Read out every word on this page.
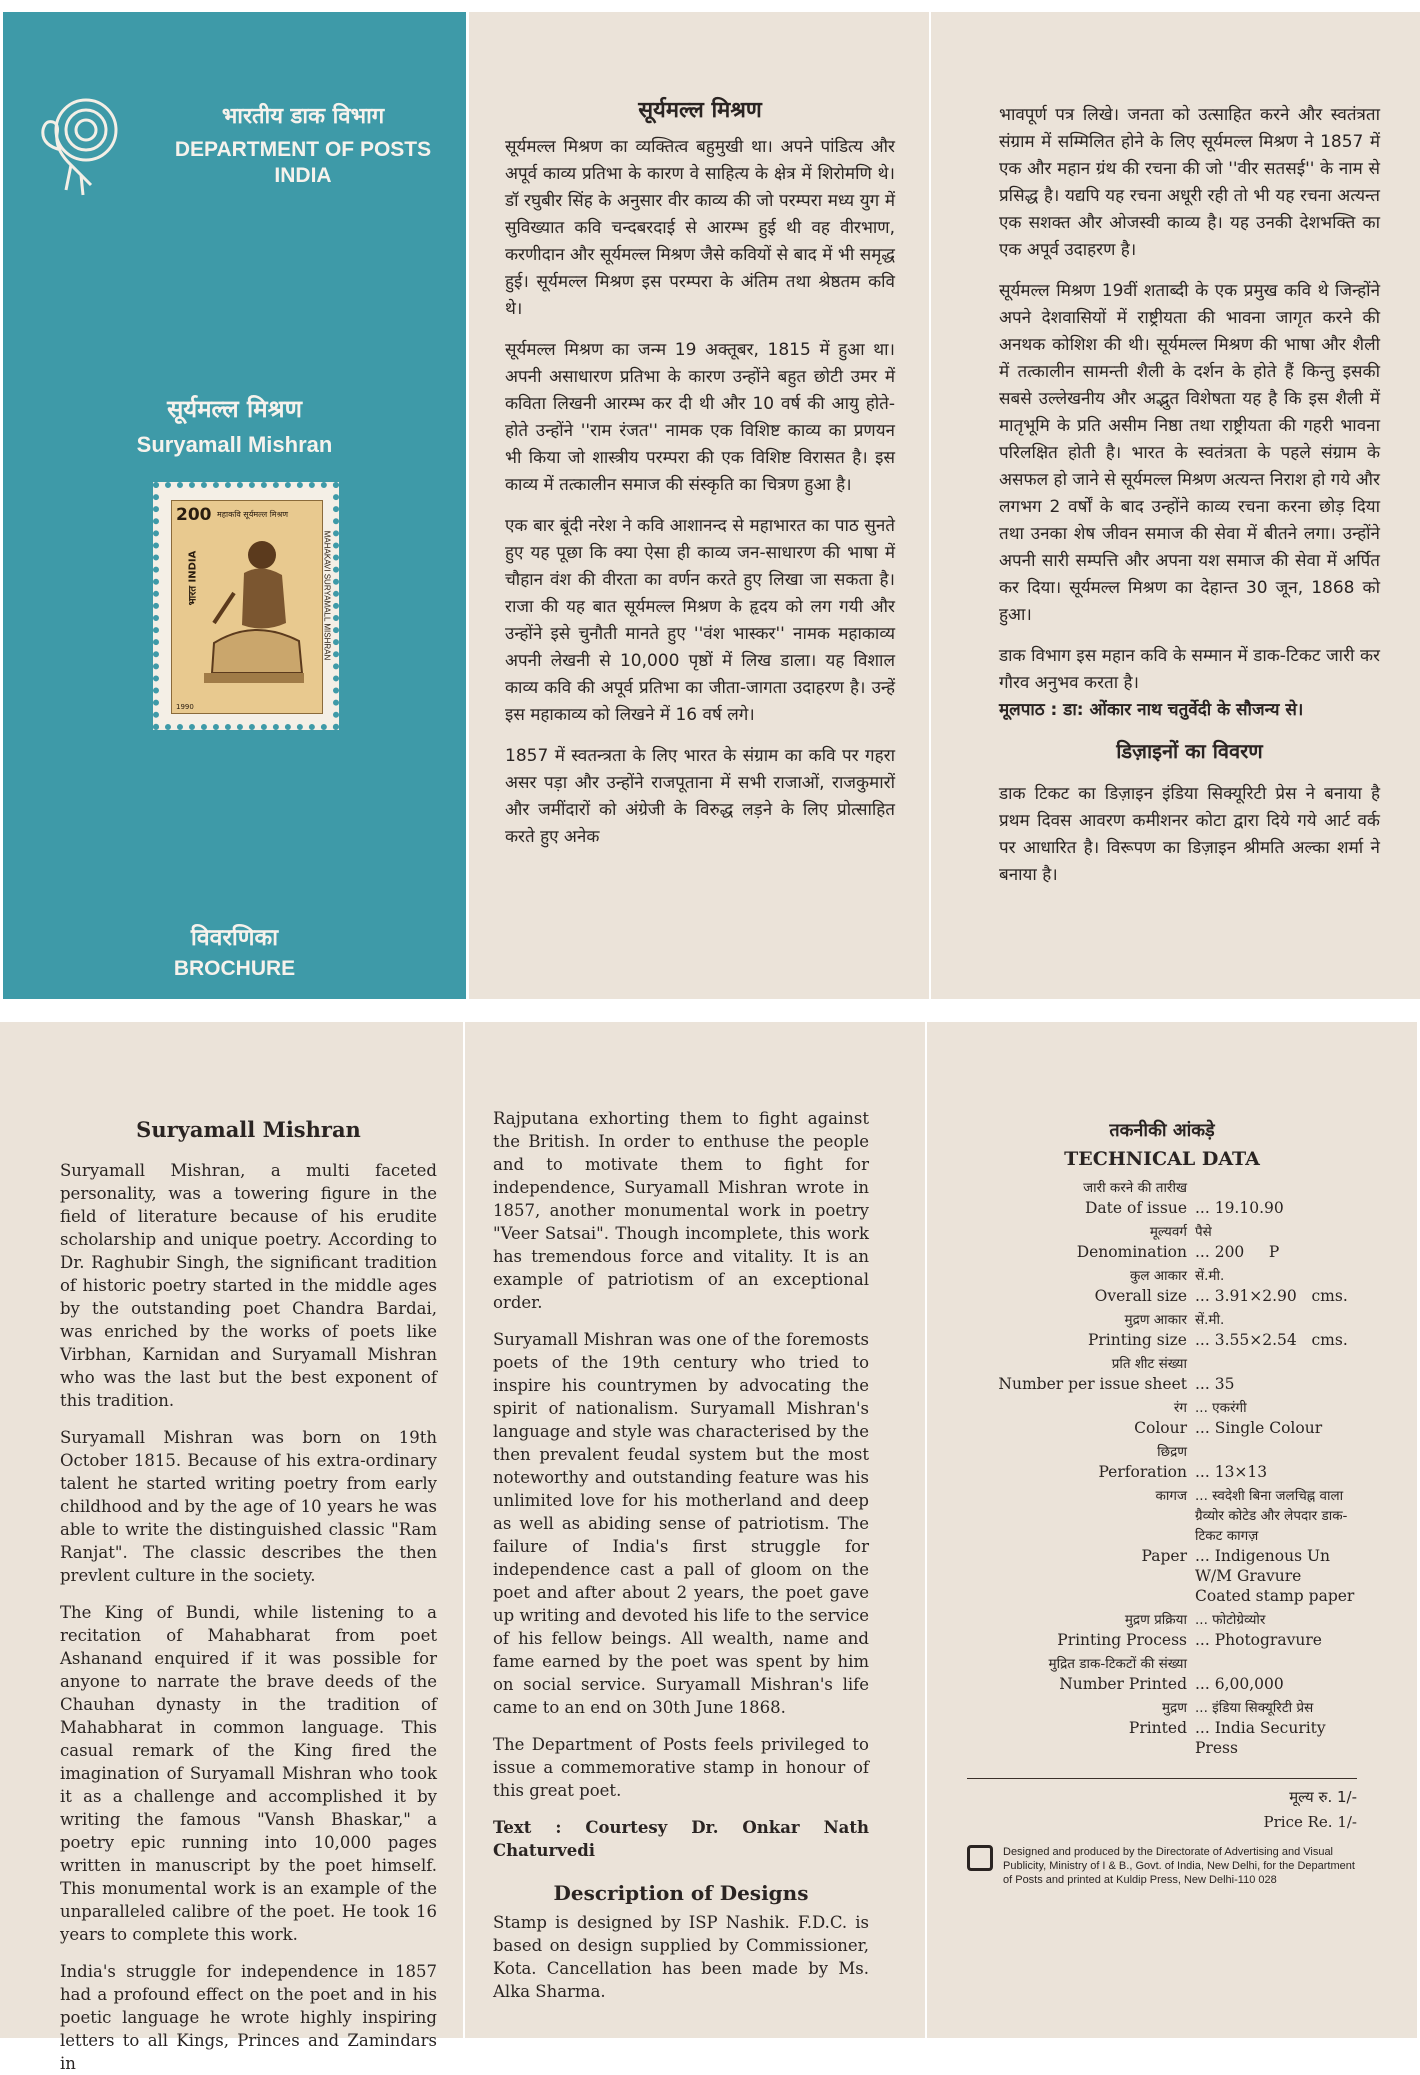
भारतीय डाक विभाग
DEPARTMENT OF POSTS
INDIA
सूर्यमल्ल मिश्रण
Suryamall Mishran
200 महाकवि सूर्यमल्ल मिश्रण
भारत INDIA	MAHAKAVI SURYAMALL MISHRAN
1990
विवरणिका
BROCHURE
सूर्यमल्ल मिश्रण

सूर्यमल्ल मिश्रण का व्यक्तित्व बहुमुखी था। अपने पांडित्य और अपूर्व काव्य प्रतिभा के कारण वे साहित्य के क्षेत्र में शिरोमणि थे। डॉ रघुबीर सिंह के अनुसार वीर काव्य की जो परम्परा मध्य युग में सुविख्यात कवि चन्दबरदाई से आरम्भ हुई थी वह वीरभाण, करणीदान और सूर्यमल्ल मिश्रण जैसे कवियों से बाद में भी समृद्ध हुई। सूर्यमल्ल मिश्रण इस परम्परा के अंतिम तथा श्रेष्ठतम कवि थे।

सूर्यमल्ल मिश्रण का जन्म 19 अक्तूबर, 1815 में हुआ था। अपनी असाधारण प्रतिभा के कारण उन्होंने बहुत छोटी उमर में कविता लिखनी आरम्भ कर दी थी और 10 वर्ष की आयु होते-होते उन्होंने ''राम रंजत'' नामक एक विशिष्ट काव्य का प्रणयन भी किया जो शास्त्रीय परम्परा की एक विशिष्ट विरासत है। इस काव्य में तत्कालीन समाज की संस्कृति का चित्रण हुआ है।

एक बार बूंदी नरेश ने कवि आशानन्द से महाभारत का पाठ सुनते हुए यह पूछा कि क्या ऐसा ही काव्य जन-साधारण की भाषा में चौहान वंश की वीरता का वर्णन करते हुए लिखा जा सकता है। राजा की यह बात सूर्यमल्ल मिश्रण के हृदय को लग गयी और उन्होंने इसे चुनौती मानते हुए ''वंश भास्कर'' नामक महाकाव्य अपनी लेखनी से 10,000 पृष्ठों में लिख डाला। यह विशाल काव्य कवि की अपूर्व प्रतिभा का जीता-जागता उदाहरण है। उन्हें इस महाकाव्य को लिखने में 16 वर्ष लगे।

1857 में स्वतन्त्रता के लिए भारत के संग्राम का कवि पर गहरा असर पड़ा और उन्होंने राजपूताना में सभी राजाओं, राजकुमारों और जमींदारों को अंग्रेजी के विरुद्ध लड़ने के लिए प्रोत्साहित करते हुए अनेक

भावपूर्ण पत्र लिखे। जनता को उत्साहित करने और स्वतंत्रता संग्राम में सम्मिलित होने के लिए सूर्यमल्ल मिश्रण ने 1857 में एक और महान ग्रंथ की रचना की जो ''वीर सतसई'' के नाम से प्रसिद्ध है। यद्यपि यह रचना अधूरी रही तो भी यह रचना अत्यन्त एक सशक्त और ओजस्वी काव्य है। यह उनकी देशभक्ति का एक अपूर्व उदाहरण है।

सूर्यमल्ल मिश्रण 19वीं शताब्दी के एक प्रमुख कवि थे जिन्होंने अपने देशवासियों में राष्ट्रीयता की भावना जागृत करने की अनथक कोशिश की थी। सूर्यमल्ल मिश्रण की भाषा और शैली में तत्कालीन सामन्ती शैली के दर्शन के होते हैं किन्तु इसकी सबसे उल्लेखनीय और अद्भुत विशेषता यह है कि इस शैली में मातृभूमि के प्रति असीम निष्ठा तथा राष्ट्रीयता की गहरी भावना परिलक्षित होती है। भारत के स्वतंत्रता के पहले संग्राम के असफल हो जाने से सूर्यमल्ल मिश्रण अत्यन्त निराश हो गये और लगभग 2 वर्षों के बाद उन्होंने काव्य रचना करना छोड़ दिया तथा उनका शेष जीवन समाज की सेवा में बीतने लगा। उन्होंने अपनी सारी सम्पत्ति और अपना यश समाज की सेवा में अर्पित कर दिया। सूर्यमल्ल मिश्रण का देहान्त 30 जून, 1868 को हुआ।

डाक विभाग इस महान कवि के सम्मान में डाक-टिकट जारी कर गौरव अनुभव करता है।

मूलपाठ : डा: ओंकार नाथ चतुर्वेदी के सौजन्य से।

डिज़ाइनों का विवरण

डाक टिकट का डिज़ाइन इंडिया सिक्यूरिटी प्रेस ने बनाया है प्रथम दिवस आवरण कमीशनर कोटा द्वारा दिये गये आर्ट वर्क पर आधारित है। विरूपण का डिज़ाइन श्रीमति अल्का शर्मा ने बनाया है।

Suryamall Mishran

Suryamall Mishran, a multi faceted personality, was a towering figure in the field of literature because of his erudite scholarship and unique poetry. According to Dr. Raghubir Singh, the significant tradition of historic poetry started in the middle ages by the outstanding poet Chandra Bardai, was enriched by the works of poets like Virbhan, Karnidan and Suryamall Mishran who was the last but the best exponent of this tradition.

Suryamall Mishran was born on 19th October 1815. Because of his extra-ordinary talent he started writing poetry from early childhood and by the age of 10 years he was able to write the distinguished classic "Ram Ranjat". The classic describes the then prevlent culture in the society.

The King of Bundi, while listening to a recitation of Mahabharat from poet Ashanand enquired if it was possible for anyone to narrate the brave deeds of the Chauhan dynasty in the tradition of Mahabharat in common language. This casual remark of the King fired the imagination of Suryamall Mishran who took it as a challenge and accomplished it by writing the famous "Vansh Bhaskar," a poetry epic running into 10,000 pages written in manuscript by the poet himself. This monumental work is an example of the unparalleled calibre of the poet. He took 16 years to complete this work.

India's struggle for independence in 1857 had a profound effect on the poet and in his poetic language he wrote highly inspiring letters to all Kings, Princes and Zamindars in

Rajputana exhorting them to fight against the British. In order to enthuse the people and to motivate them to fight for independence, Suryamall Mishran wrote in 1857, another monumental work in poetry "Veer Satsai". Though incomplete, this work has tremendous force and vitality. It is an example of patriotism of an exceptional order.

Suryamall Mishran was one of the foremosts poets of the 19th century who tried to inspire his countrymen by advocating the spirit of nationalism. Suryamall Mishran's language and style was characterised by the then prevalent feudal system but the most noteworthy and outstanding feature was his unlimited love for his motherland and deep as well as abiding sense of patriotism. The failure of India's first struggle for independence cast a pall of gloom on the poet and after about 2 years, the poet gave up writing and devoted his life to the service of his fellow beings. All wealth, name and fame earned by the poet was spent by him on social service. Suryamall Mishran's life came to an end on 30th June 1868.

The Department of Posts feels privileged to issue a commemorative stamp in honour of this great poet.

Text : Courtesy Dr. Onkar Nath Chaturvedi

Description of Designs

Stamp is designed by ISP Nashik. F.D.C. is based on design supplied by Commissioner, Kota. Cancellation has been made by Ms. Alka Sharma.

तकनीकी आंकड़े
TECHNICAL DATA
जारी करने की तारीख
Date of issue ... 19.10.90
मूल्यवर्ग पैसे
Denomination ... 200     P
कुल आकार सें.मी.
Overall size ... 3.91×2.90   cms.
मुद्रण आकार सें.मी.
Printing size ... 3.55×2.54   cms.
प्रति शीट संख्या
Number per issue sheet ... 35
रंग ... एकरंगी
Colour ... Single Colour
छिद्रण
Perforation ... 13×13
कागज ... स्वदेशी बिना जलचिह्न वाला ग्रैव्योर कोटेड और लेपदार डाक-टिकट कागज़
Paper ... Indigenous Un W/M Gravure Coated stamp paper
मुद्रण प्रक्रिया ... फोटोग्रेव्योर
Printing Process ... Photogravure
मुद्रित डाक-टिकटों की संख्या
Number Printed ... 6,00,000
मुद्रण ... इंडिया सिक्यूरिटी प्रेस
Printed ... India Security Press
मूल्य रु. 1/-
Price Re. 1/-
Designed and produced by the Directorate of Advertising and Visual Publicity, Ministry of I & B., Govt. of India, New Delhi, for the Department of Posts and printed at Kuldip Press, New Delhi-110 028
